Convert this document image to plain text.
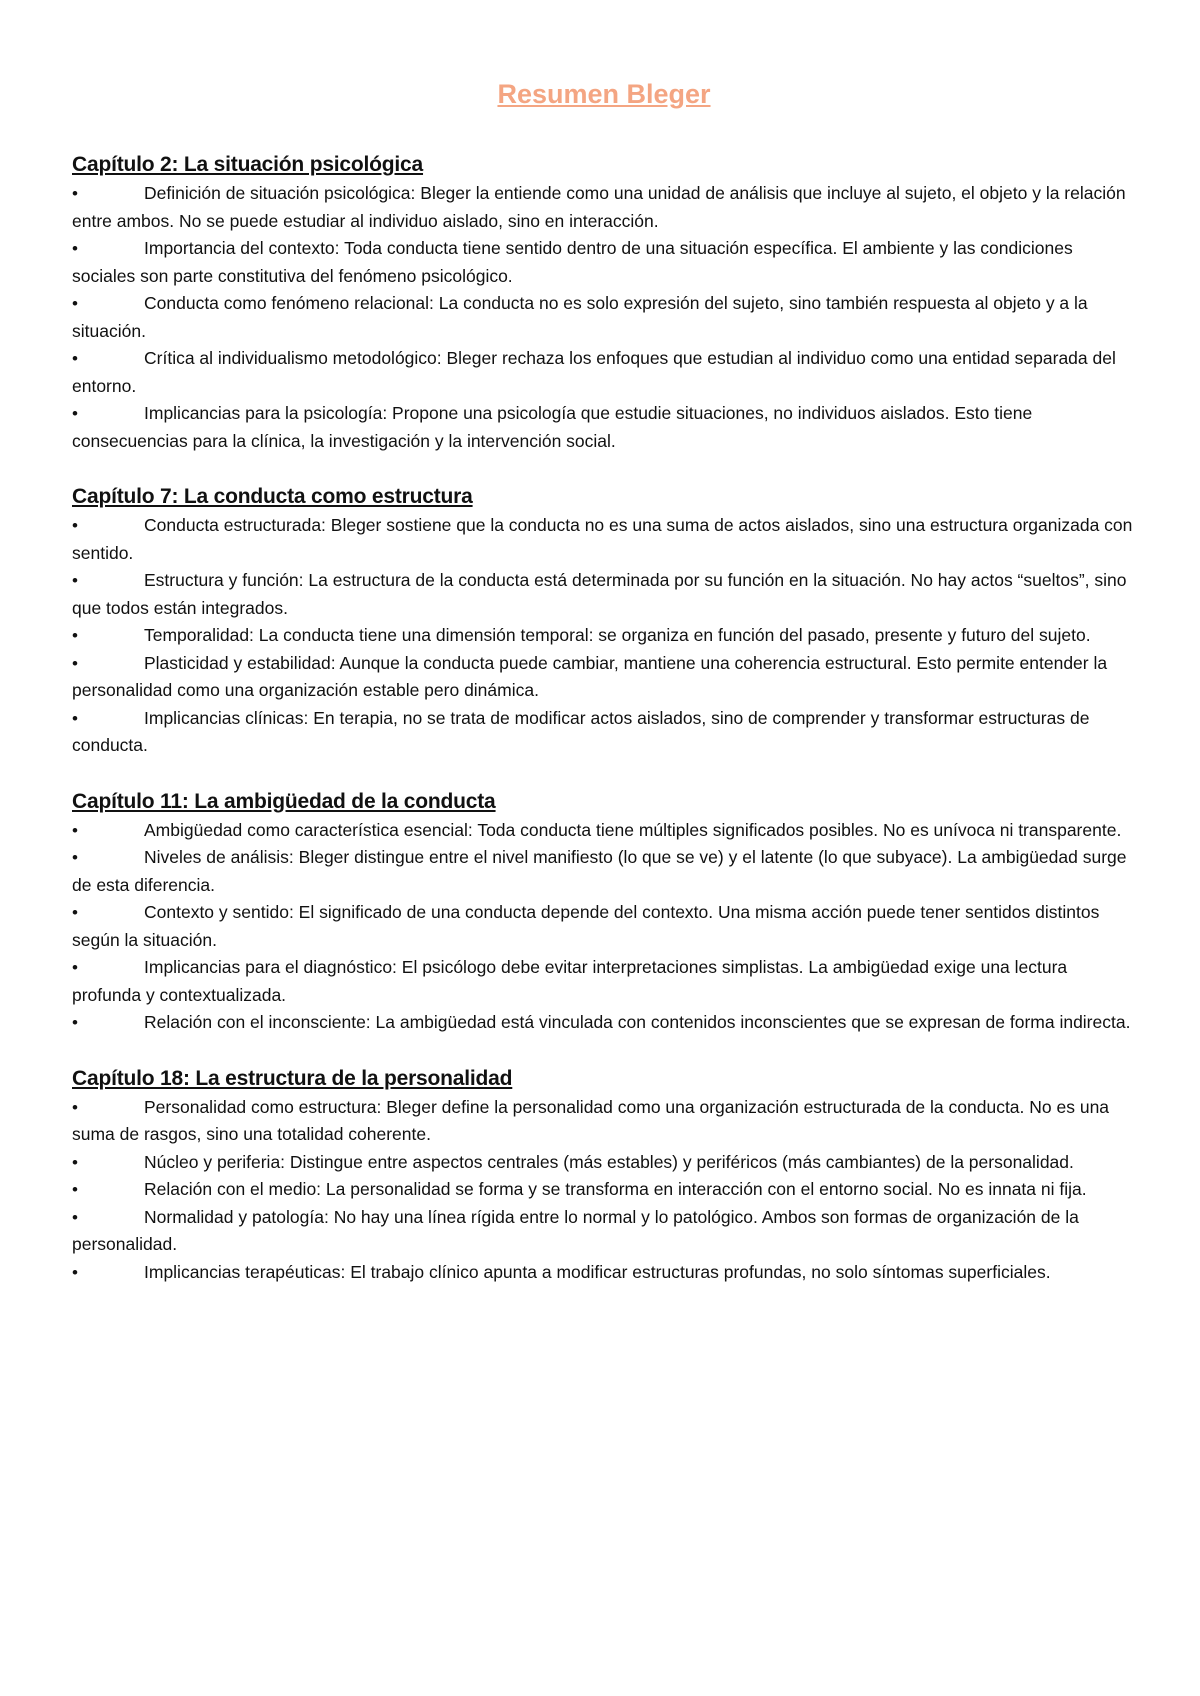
Resumen Bleger
Capítulo 2: La situación psicológica
•	Definición de situación psicológica: Bleger la entiende como una unidad de análisis que incluye al sujeto, el objeto y la relación entre ambos. No se puede estudiar al individuo aislado, sino en interacción.
•	Importancia del contexto: Toda conducta tiene sentido dentro de una situación específica. El ambiente y las condiciones sociales son parte constitutiva del fenómeno psicológico.
•	Conducta como fenómeno relacional: La conducta no es solo expresión del sujeto, sino también respuesta al objeto y a la situación.
•	Crítica al individualismo metodológico: Bleger rechaza los enfoques que estudian al individuo como una entidad separada del entorno.
•	Implicancias para la psicología: Propone una psicología que estudie situaciones, no individuos aislados. Esto tiene consecuencias para la clínica, la investigación y la intervención social.
Capítulo 7: La conducta como estructura
•	Conducta estructurada: Bleger sostiene que la conducta no es una suma de actos aislados, sino una estructura organizada con sentido.
•	Estructura y función: La estructura de la conducta está determinada por su función en la situación. No hay actos “sueltos”, sino que todos están integrados.
•	Temporalidad: La conducta tiene una dimensión temporal: se organiza en función del pasado, presente y futuro del sujeto.
•	Plasticidad y estabilidad: Aunque la conducta puede cambiar, mantiene una coherencia estructural. Esto permite entender la personalidad como una organización estable pero dinámica.
•	Implicancias clínicas: En terapia, no se trata de modificar actos aislados, sino de comprender y transformar estructuras de conducta.
Capítulo 11: La ambigüedad de la conducta
•	Ambigüedad como característica esencial: Toda conducta tiene múltiples significados posibles. No es unívoca ni transparente.
•	Niveles de análisis: Bleger distingue entre el nivel manifiesto (lo que se ve) y el latente (lo que subyace). La ambigüedad surge de esta diferencia.
•	Contexto y sentido: El significado de una conducta depende del contexto. Una misma acción puede tener sentidos distintos según la situación.
•	Implicancias para el diagnóstico: El psicólogo debe evitar interpretaciones simplistas. La ambigüedad exige una lectura profunda y contextualizada.
•	Relación con el inconsciente: La ambigüedad está vinculada con contenidos inconscientes que se expresan de forma indirecta.
Capítulo 18: La estructura de la personalidad
•	Personalidad como estructura: Bleger define la personalidad como una organización estructurada de la conducta. No es una suma de rasgos, sino una totalidad coherente.
•	Núcleo y periferia: Distingue entre aspectos centrales (más estables) y periféricos (más cambiantes) de la personalidad.
•	Relación con el medio: La personalidad se forma y se transforma en interacción con el entorno social. No es innata ni fija.
•	Normalidad y patología: No hay una línea rígida entre lo normal y lo patológico. Ambos son formas de organización de la personalidad.
•	Implicancias terapéuticas: El trabajo clínico apunta a modificar estructuras profundas, no solo síntomas superficiales.
